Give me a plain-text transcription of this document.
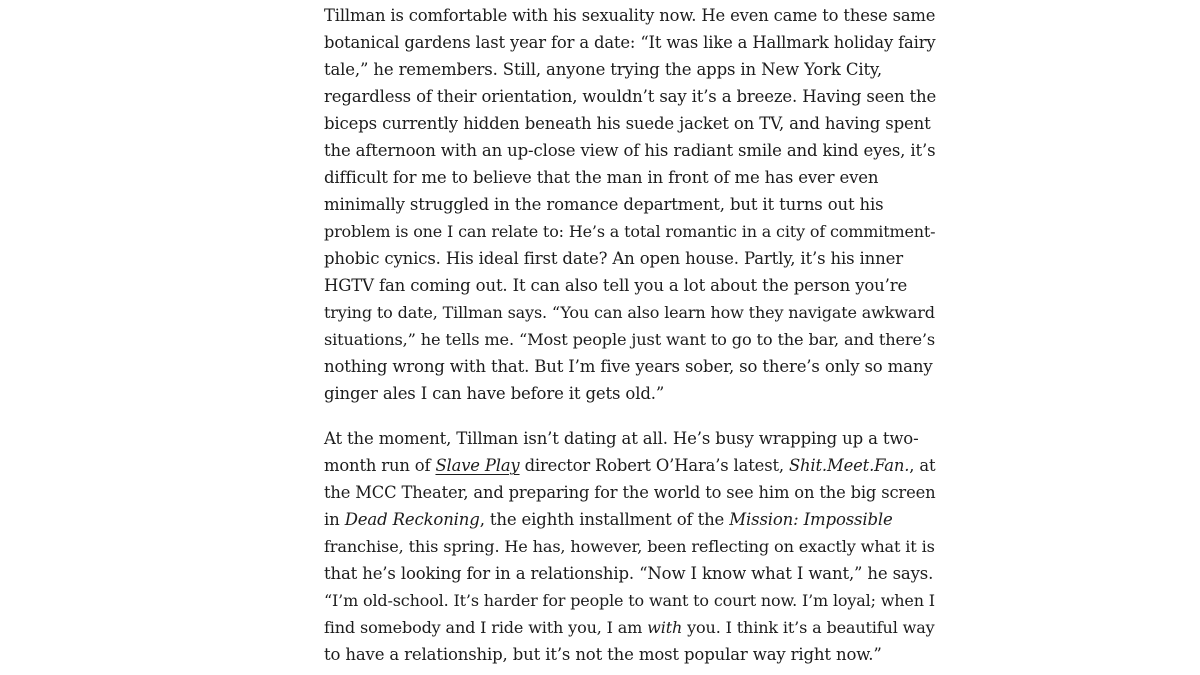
Tillman is comfortable with his sexuality now. He even came to these same
botanical gardens last year for a date: “It was like a Hallmark holiday fairy
tale,” he remembers. Still, anyone trying the apps in New York City,
regardless of their orientation, wouldn’t say it’s a breeze. Having seen the
biceps currently hidden beneath his suede jacket on TV, and having spent
the afternoon with an up-close view of his radiant smile and kind eyes, it’s
difficult for me to believe that the man in front of me has ever even
minimally struggled in the romance department, but it turns out his
problem is one I can relate to: He’s a total romantic in a city of commitment-
phobic cynics. His ideal first date? An open house. Partly, it’s his inner
HGTV fan coming out. It can also tell you a lot about the person you’re
trying to date, Tillman says. “You can also learn how they navigate awkward
situations,” he tells me. “Most people just want to go to the bar, and there’s
nothing wrong with that. But I’m five years sober, so there’s only so many
ginger ales I can have before it gets old.”

At the moment, Tillman isn’t dating at all. He’s busy wrapping up a two-
month run of Slave Play director Robert O’Hara’s latest, Shit.Meet.Fan., at
the MCC Theater, and preparing for the world to see him on the big screen
in Dead Reckoning, the eighth installment of the Mission: Impossible
franchise, this spring. He has, however, been reflecting on exactly what it is
that he’s looking for in a relationship. “Now I know what I want,” he says.
“I’m old-school. It’s harder for people to want to court now. I’m loyal; when I
find somebody and I ride with you, I am with you. I think it’s a beautiful way
to have a relationship, but it’s not the most popular way right now.”
